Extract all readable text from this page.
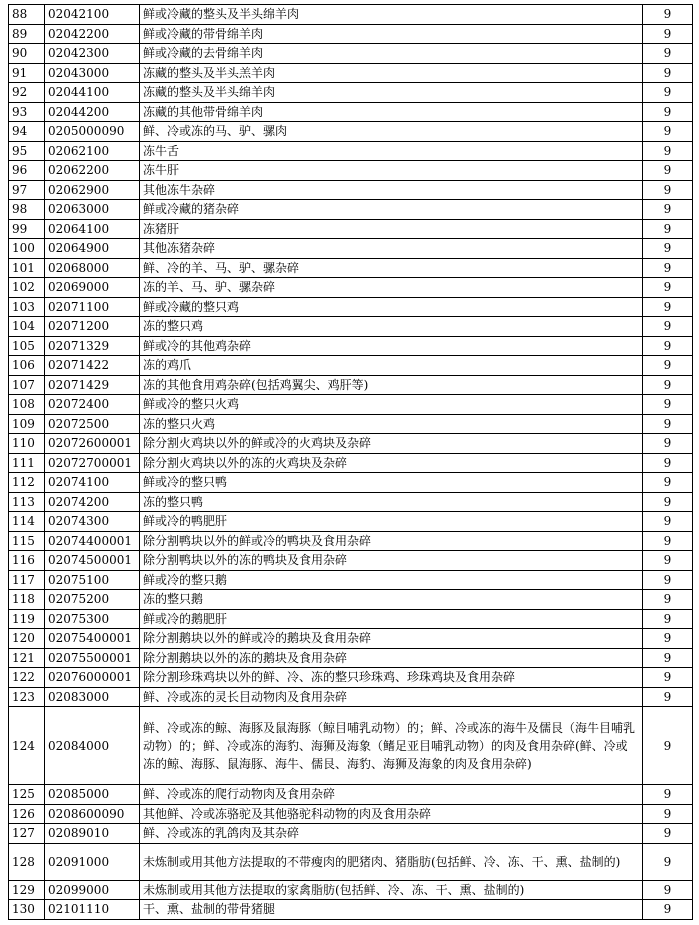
88	02042100	鲜或冷藏的整头及半头绵羊肉	9
89	02042200	鲜或冷藏的带骨绵羊肉	9
90	02042300	鲜或冷藏的去骨绵羊肉	9
91	02043000	冻藏的整头及半头羔羊肉	9
92	02044100	冻藏的整头及半头绵羊肉	9
93	02044200	冻藏的其他带骨绵羊肉	9
94	0205000090	鲜、冷或冻的马、驴、骡肉	9
95	02062100	冻牛舌	9
96	02062200	冻牛肝	9
97	02062900	其他冻牛杂碎	9
98	02063000	鲜或冷藏的猪杂碎	9
99	02064100	冻猪肝	9
100	02064900	其他冻猪杂碎	9
101	02068000	鲜、冷的羊、马、驴、骡杂碎	9
102	02069000	冻的羊、马、驴、骡杂碎	9
103	02071100	鲜或冷藏的整只鸡	9
104	02071200	冻的整只鸡	9
105	02071329	鲜或冷的其他鸡杂碎	9
106	02071422	冻的鸡爪	9
107	02071429	冻的其他食用鸡杂碎(包括鸡翼尖、鸡肝等)	9
108	02072400	鲜或冷的整只火鸡	9
109	02072500	冻的整只火鸡	9
110	02072600001	除分割火鸡块以外的鲜或冷的火鸡块及杂碎	9
111	02072700001	除分割火鸡块以外的冻的火鸡块及杂碎	9
112	02074100	鲜或冷的整只鸭	9
113	02074200	冻的整只鸭	9
114	02074300	鲜或冷的鸭肥肝	9
115	02074400001	除分割鸭块以外的鲜或冷的鸭块及食用杂碎	9
116	02074500001	除分割鸭块以外的冻的鸭块及食用杂碎	9
117	02075100	鲜或冷的整只鹅	9
118	02075200	冻的整只鹅	9
119	02075300	鲜或冷的鹅肥肝	9
120	02075400001	除分割鹅块以外的鲜或冷的鹅块及食用杂碎	9
121	02075500001	除分割鹅块以外的冻的鹅块及食用杂碎	9
122	02076000001	除分割珍珠鸡块以外的鲜、冷、冻的整只珍珠鸡、珍珠鸡块及食用杂碎	9
123	02083000	鲜、冷或冻的灵长目动物肉及食用杂碎	9
124	02084000	鲜、冷或冻的鲸、海豚及鼠海豚（鲸目哺乳动物）的；鲜、冷或冻的海牛及儒艮（海牛目哺乳动物）的；鲜、冷或冻的海豹、海狮及海象（鳍足亚目哺乳动物）的肉及食用杂碎(鲜、冷或冻的鲸、海豚、鼠海豚、海牛、儒艮、海豹、海狮及海象的肉及食用杂碎)	9
125	02085000	鲜、冷或冻的爬行动物肉及食用杂碎	9
126	0208600090	其他鲜、冷或冻骆驼及其他骆驼科动物的肉及食用杂碎	9
127	02089010	鲜、冷或冻的乳鸽肉及其杂碎	9
128	02091000	未炼制或用其他方法提取的不带瘦肉的肥猪肉、猪脂肪(包括鲜、冷、冻、干、熏、盐制的)	9
129	02099000	未炼制或用其他方法提取的家禽脂肪(包括鲜、冷、冻、干、熏、盐制的)	9
130	02101110	干、熏、盐制的带骨猪腿	9
